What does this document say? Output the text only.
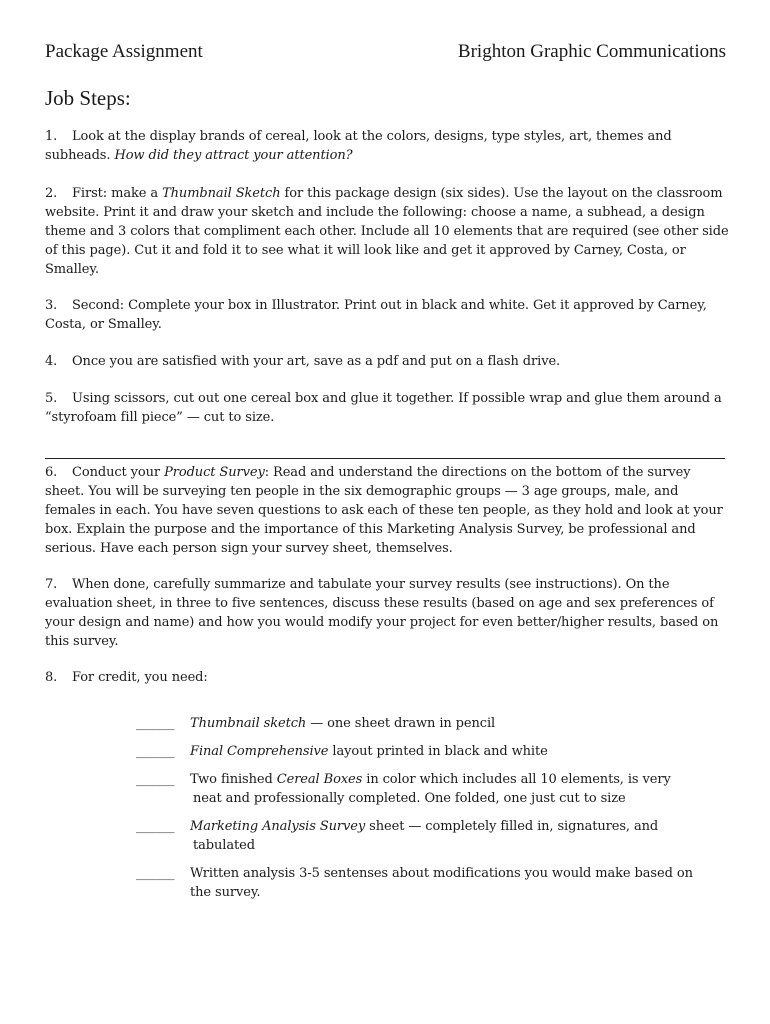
Package Assignment	Brighton Graphic Communications
Job Steps:
1. Look at the display brands of cereal, look at the colors, designs, type styles, art, themes and subheads. How did they attract your attention?
2. First: make a Thumbnail Sketch for this package design (six sides). Use the layout on the classroom website. Print it and draw your sketch and include the following: choose a name, a subhead, a design theme and 3 colors that compliment each other. Include all 10 elements that are required (see other side of this page). Cut it and fold it to see what it will look like and get it approved by Carney, Costa, or Smalley.
3. Second: Complete your box in Illustrator. Print out in black and white. Get it approved by Carney, Costa, or Smalley.
4. Once you are satisfied with your art, save as a pdf and put on a flash drive.
5. Using scissors, cut out one cereal box and glue it together. If possible wrap and glue them around a “styrofoam fill piece” — cut to size.
6. Conduct your Product Survey: Read and understand the directions on the bottom of the survey sheet. You will be surveying ten people in the six demographic groups — 3 age groups, male, and females in each. You have seven questions to ask each of these ten people, as they hold and look at your box. Explain the purpose and the importance of this Marketing Analysis Survey, be professional and serious. Have each person sign your survey sheet, themselves.
7. When done, carefully summarize and tabulate your survey results (see instructions). On the evaluation sheet, in three to five sentences, discuss these results (based on age and sex preferences of your design and name) and how you would modify your project for even better/higher results, based on this survey.
8. For credit, you need:
______ Thumbnail sketch — one sheet drawn in pencil
______ Final Comprehensive layout printed in black and white
______ Two finished Cereal Boxes in color which includes all 10 elements, is very
neat and professionally completed. One folded, one just cut to size
______ Marketing Analysis Survey sheet — completely filled in, signatures, and
tabulated
______ Written analysis 3-5 sentenses about modifications you would make based on
the survey.
